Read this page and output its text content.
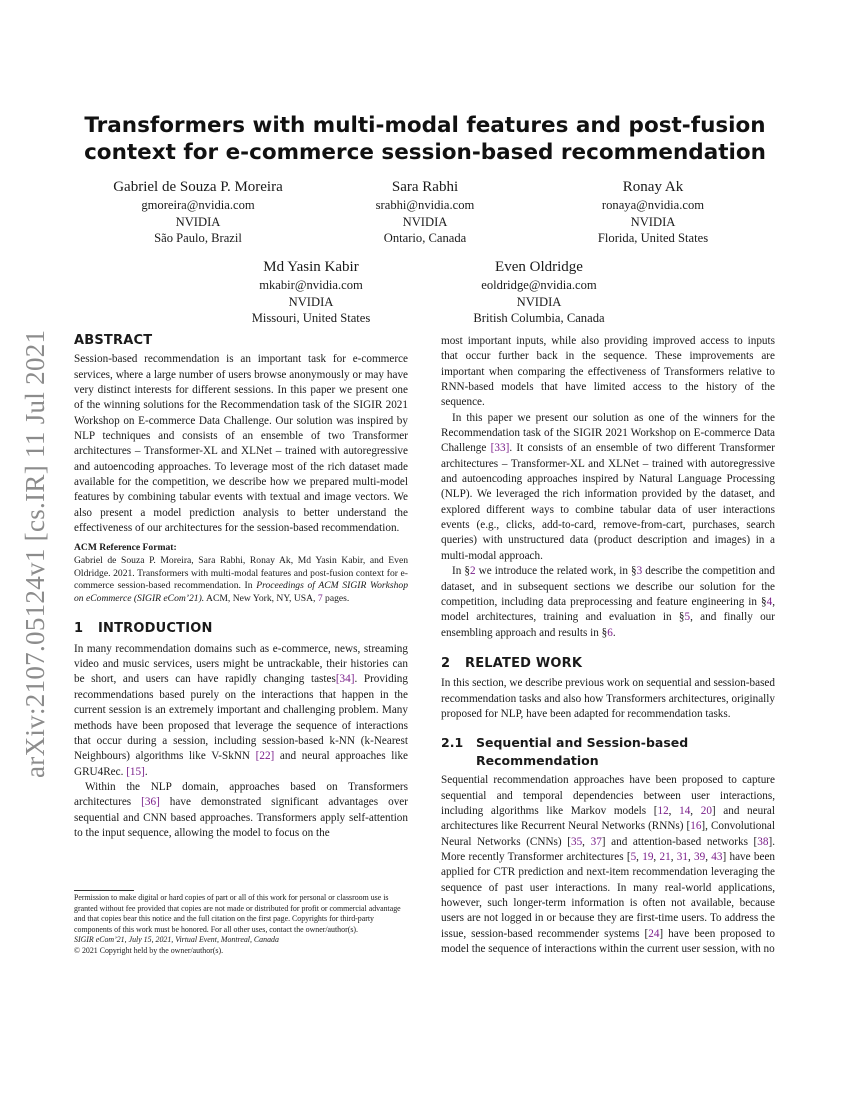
arXiv:2107.05124v1 [cs.IR] 11 Jul 2021
Transformers with multi-modal features and post-fusion context for e-commerce session-based recommendation
Gabriel de Souza P. Moreira
gmoreira@nvidia.com
NVIDIA
São Paulo, Brazil
Sara Rabhi
srabhi@nvidia.com
NVIDIA
Ontario, Canada
Ronay Ak
ronaya@nvidia.com
NVIDIA
Florida, United States
Md Yasin Kabir
mkabir@nvidia.com
NVIDIA
Missouri, United States
Even Oldridge
eoldridge@nvidia.com
NVIDIA
British Columbia, Canada
ABSTRACT

Session-based recommendation is an important task for e-commerce services, where a large number of users browse anonymously or may have very distinct interests for different sessions. In this paper we present one of the winning solutions for the Recommendation task of the SIGIR 2021 Workshop on E-commerce Data Challenge. Our solution was inspired by NLP techniques and consists of an ensemble of two Transformer architectures – Transformer-XL and XLNet – trained with autoregressive and autoencoding approaches. To leverage most of the rich dataset made available for the competition, we describe how we prepared multi-model features by combining tabular events with textual and image vectors. We also present a model prediction analysis to better understand the effectiveness of our architectures for the session-based recommendation.

ACM Reference Format:
Gabriel de Souza P. Moreira, Sara Rabhi, Ronay Ak, Md Yasin Kabir, and Even Oldridge. 2021. Transformers with multi-modal features and post-fusion context for e-commerce session-based recommendation. In Proceedings of ACM SIGIR Workshop on eCommerce (SIGIR eCom’21). ACM, New York, NY, USA, 7 pages.
1 INTRODUCTION

In many recommendation domains such as e-commerce, news, streaming video and music services, users might be untrackable, their histories can be short, and users can have rapidly changing tastes[34]. Providing recommendations based purely on the interactions that happen in the current session is an extremely important and challenging problem. Many methods have been proposed that leverage the sequence of interactions that occur during a session, including session-based k-NN (k-Nearest Neighbours) algorithms like V-SkNN [22] and neural approaches like GRU4Rec. [15].

Within the NLP domain, approaches based on Transformers architectures [36] have demonstrated significant advantages over sequential and CNN based approaches. Transformers apply self-attention to the input sequence, allowing the model to focus on the

Permission to make digital or hard copies of part or all of this work for personal or classroom use is granted without fee provided that copies are not made or distributed for profit or commercial advantage and that copies bear this notice and the full citation on the first page. Copyrights for third-party components of this work must be honored. For all other uses, contact the owner/author(s).
SIGIR eCom’21, July 15, 2021, Virtual Event, Montreal, Canada
© 2021 Copyright held by the owner/author(s).

most important inputs, while also providing improved access to inputs that occur further back in the sequence. These improvements are important when comparing the effectiveness of Transformers relative to RNN-based models that have limited access to the history of the sequence.

In this paper we present our solution as one of the winners for the Recommendation task of the SIGIR 2021 Workshop on E-commerce Data Challenge [33]. It consists of an ensemble of two different Transformer architectures – Transformer-XL and XLNet – trained with autoregressive and autoencoding approaches inspired by Natural Language Processing (NLP). We leveraged the rich information provided by the dataset, and explored different ways to combine tabular data of user interactions events (e.g., clicks, add-to-card, remove-from-cart, purchases, search queries) with unstructured data (product description and images) in a multi-modal approach.

In §2 we introduce the related work, in §3 describe the competition and dataset, and in subsequent sections we describe our solution for the competition, including data preprocessing and feature engineering in §4, model architectures, training and evaluation in §5, and finally our ensembling approach and results in §6.

2 RELATED WORK

In this section, we describe previous work on sequential and session-based recommendation tasks and also how Transformers architectures, originally proposed for NLP, have been adapted for recommendation tasks.

2.1 Sequential and Session-based
Recommendation

Sequential recommendation approaches have been proposed to capture sequential and temporal dependencies between user interactions, including algorithms like Markov models [12, 14, 20] and neural architectures like Recurrent Neural Networks (RNNs) [16], Convolutional Neural Networks (CNNs) [35, 37] and attention-based networks [38]. More recently Transformer architectures [5, 19, 21, 31, 39, 43] have been applied for CTR prediction and next-item recommendation leveraging the sequence of past user interactions. In many real-world applications, however, such longer-term information is often not available, because users are not logged in or because they are first-time users. To address the issue, session-based recommender systems [24] have been proposed to model the sequence of interactions within the current user session, with no
